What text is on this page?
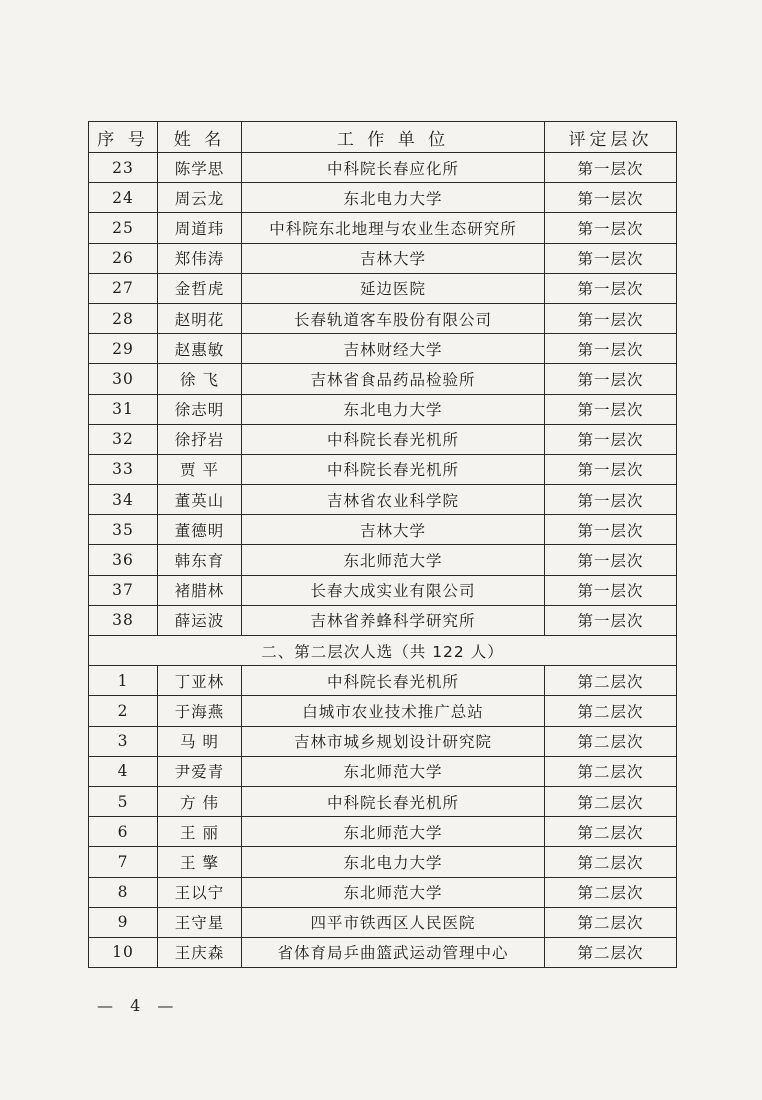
序 号	姓 名	工 作 单 位	评定层次
23	陈学思	中科院长春应化所	第一层次
24	周云龙	东北电力大学	第一层次
25	周道玮	中科院东北地理与农业生态研究所	第一层次
26	郑伟涛	吉林大学	第一层次
27	金哲虎	延边医院	第一层次
28	赵明花	长春轨道客车股份有限公司	第一层次
29	赵惠敏	吉林财经大学	第一层次
30	徐 飞	吉林省食品药品检验所	第一层次
31	徐志明	东北电力大学	第一层次
32	徐抒岩	中科院长春光机所	第一层次
33	贾 平	中科院长春光机所	第一层次
34	董英山	吉林省农业科学院	第一层次
35	董德明	吉林大学	第一层次
36	韩东育	东北师范大学	第一层次
37	褚腊林	长春大成实业有限公司	第一层次
38	薛运波	吉林省养蜂科学研究所	第一层次
二、第二层次人选（共 122 人）			
1	丁亚林	中科院长春光机所	第二层次
2	于海燕	白城市农业技术推广总站	第二层次
3	马 明	吉林市城乡规划设计研究院	第二层次
4	尹爱青	东北师范大学	第二层次
5	方 伟	中科院长春光机所	第二层次
6	王 丽	东北师范大学	第二层次
7	王 擎	东北电力大学	第二层次
8	王以宁	东北师范大学	第二层次
9	王守星	四平市铁西区人民医院	第二层次
10	王庆森	省体育局乒曲篮武运动管理中心	第二层次
— 4 —
